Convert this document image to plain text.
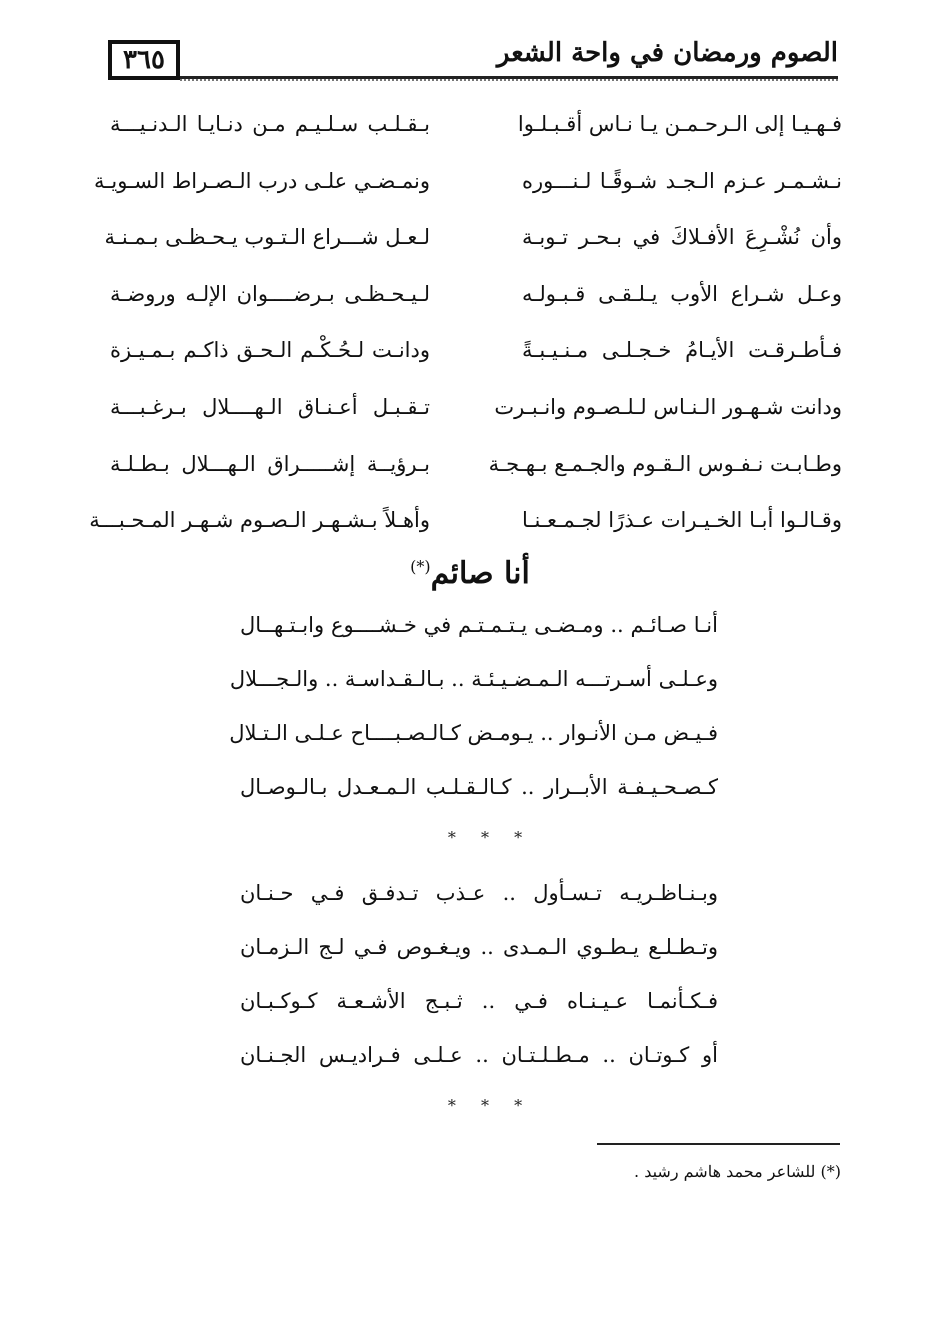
٣٦٥	الصوم ورمضان في واحة الشعر
فـهـيـا إلى الـرحـمـن يـا نـاس أقـبـلـوا
بـقـلـب سـلـيـم مـن دنـايـا الـدنـيـــة
نـشـمـر عـزم الـجـد شـوقًـا لـنـــوره
ونمـضـي علـى درب الـصـراط السـويـة
وأن نُشْـرِعَ الأفـلاكَ في بـحـر تـوبـة
لـعـل شـــراع الـتـوب يـحـظـى بـمـنـة
وعـل شـراع الأوب يـلـقـى قـبـولـه
لـيـحـظـى بـرضــــوان الإلـه وروضـة
فـأطـرقـت الأيـامُ خـجـلـى مـنـيـبـةً
ودانـت لـحُـكْـم الـحـق ذاكـم بـمـيـزة
ودانت شـهـور الـنـاس لـلـصـوم وانـبـرت
تـقـبـل أعـنـاق الـهــــلال بـرغـبـــة
وطـابـت نـفـوس الـقـوم والجـمـع بـهـجـة
بـرؤيــة إشـــــراق الـهـــلال بـطـلـة
وقـالـوا أبـا الخـيـرات عـذرًا لجـمـعـنـا
وأهـلاً بـشـهـر الـصـوم شـهـر المـحـبـــة
أنا صائم(*)
أنـا صـائـم .. ومـضـى يـتـمـتـم في خـشــــوع وابـتـهــال
وعـلـى أسـرتـــه الـمـضـيـئـة .. بـالـقـداسـة .. والـجـــلال
فـيـض مـن الأنـوار .. يـومـض كـالـصـبــــاح عـلـى الـتـلال
كـصـحـيـفـة الأبــرار .. كـالـقـلـب الـمـعـدل بـالـوصـال
* * *
وبـنـاظـريـه تـسـأول .. عـذب تـدفـق فـي حـنـان
وتـطـلـع يـطـوي الـمـدى .. ويـغـوص فـي لـج الـزمـان
فـكـأنمـا عـيـنـاه فـي .. ثـبـج الأشـعـة كـوكـبـان
أو كـوتـان .. مـطـلـتـان .. عـلـى فـراديـس الجـنـان
* * *
(*) للشاعر محمد هاشم رشيد .
